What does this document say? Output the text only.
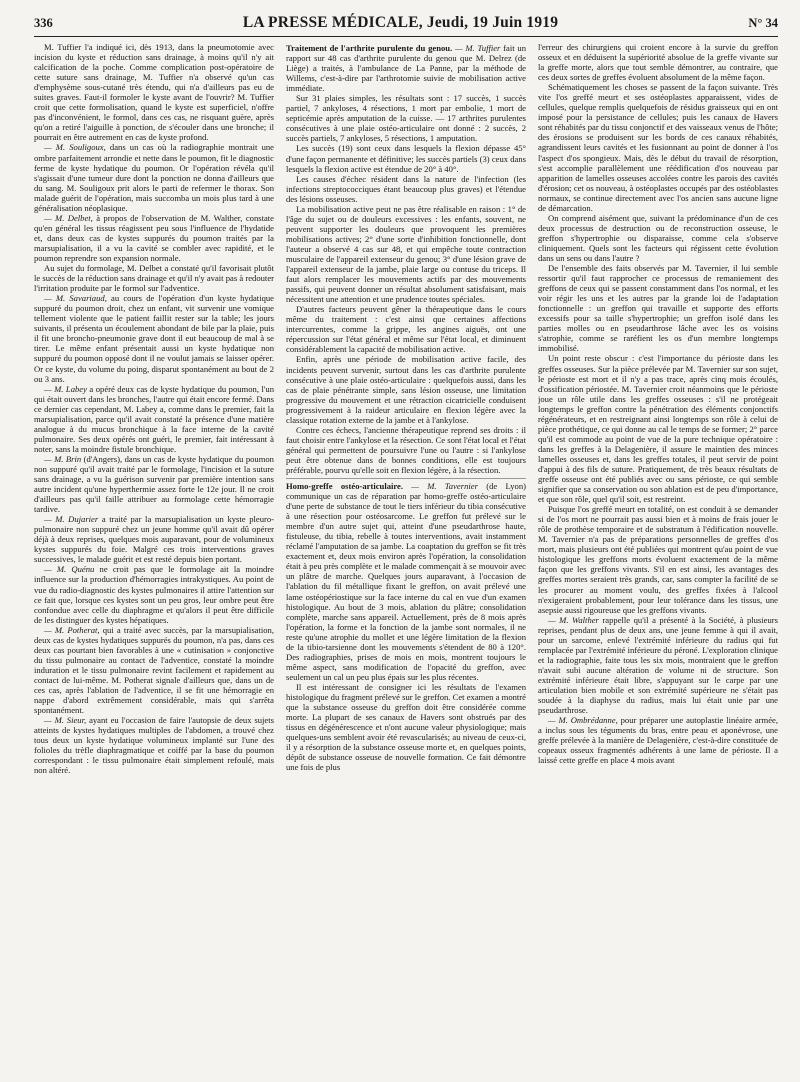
336	LA PRESSE MÉDICALE, Jeudi, 19 Juin 1919	N° 34

M. Tuffier l'a indiqué ici, dès 1913, dans la pneumotomie avec incision du kyste et réduction sans drainage, à moins qu'il n'y ait calcification de la poche. Comme complication post-opératoire de cette suture sans drainage, M. Tuffier n'a observé qu'un cas d'emphysème sous-cutané très étendu, qui n'a d'ailleurs pas eu de suites graves. Faut-il formoler le kyste avant de l'ouvrir? M. Tuffier croit que cette formolisation, quand le kyste est superficiel, n'offre pas d'inconvénient, le formol, dans ces cas, ne risquant guère, après qu'on a retiré l'aiguille à ponction, de s'écouler dans une bronche; il pourrait en être autrement en cas de kyste profond.

— M. Souligoux, dans un cas où la radiographie montrait une ombre parfaitement arrondie et nette dans le poumon, fit le diagnostic ferme de kyste hydatique du poumon. Or l'opération révéla qu'il s'agissait d'une tumeur dure dont la ponction ne donna d'ailleurs que du sang. M. Souligoux prit alors le parti de refermer le thorax. Son malade guérit de l'opération, mais succomba un mois plus tard à une généralisation néoplasique.

— M. Delbet, à propos de l'observation de M. Walther, constate qu'en général les tissus réagissent peu sous l'influence de l'hydatide et, dans deux cas de kystes suppurés du poumon traités par la marsupialisation, il a vu la cavité se combler avec rapidité, et le poumon reprendre son expansion normale.

Au sujet du formolage, M. Delbet a constaté qu'il favorisait plutôt le succès de la réduction sans drainage et qu'il n'y avait pas à redouter l'irritation produite par le formol sur l'adventice.

— M. Savariaud, au cours de l'opération d'un kyste hydatique suppuré du poumon droit, chez un enfant, vit survenir une vomique tellement violente que le patient faillit rester sur la table; les jours suivants, il présenta un écoulement abondant de bile par la plaie, puis il fit une broncho-pneumonie grave dont il eut beaucoup de mal à se tirer. Le même enfant présentait aussi un kyste hydatique non suppuré du poumon opposé dont il ne voulut jamais se laisser opérer. Or ce kyste, du volume du poing, disparut spontanément au bout de 2 ou 3 ans.

— M. Labey a opéré deux cas de kyste hydatique du poumon, l'un qui était ouvert dans les bronches, l'autre qui était encore fermé. Dans ce dernier cas cependant, M. Labey a, comme dans le premier, fait la marsupialisation, parce qu'il avait constaté la présence d'une matière analogue à du mucus bronchique à la face interne de la cavité pulmonaire. Ses deux opérés ont guéri, le premier, fait intéressant à noter, sans la moindre fistule bronchique.

— M. Brin (d'Angers), dans un cas de kyste hydatique du poumon non suppuré qu'il avait traité par le formolage, l'incision et la suture sans drainage, a vu la guérison survenir par première intention sans autre incident qu'une hyperthermie assez forte le 12e jour. Il ne croit d'ailleurs pas qu'il faille attribuer au formolage cette hémorragie tardive.

— M. Dujarier a traité par la marsupialisation un kyste pleuro-pulmonaire non suppuré chez un jeune homme qu'il avait dû opérer déjà à deux reprises, quelques mois auparavant, pour de volumineux kystes suppurés du foie. Malgré ces trois interventions graves successives, le malade guérit et est resté depuis bien portant.

— M. Quénu ne croit pas que le formolage ait la moindre influence sur la production d'hémorragies intrakystiques. Au point de vue du radio-diagnostic des kystes pulmonaires il attire l'attention sur ce fait que, lorsque ces kystes sont un peu gros, leur ombre peut être confondue avec celle du diaphragme et qu'alors il peut être difficile de les distinguer des kystes hépatiques.

— M. Potherat, qui a traité avec succès, par la marsupialisation, deux cas de kystes hydatiques suppurés du poumon, n'a pas, dans ces deux cas pourtant bien favorables à une « cutinisation » conjonctive du tissu pulmonaire au contact de l'adventice, constaté la moindre induration et le tissu pulmonaire revint facilement et rapidement au contact de lui-même. M. Potherat signale d'ailleurs que, dans un de ces cas, après l'ablation de l'adventice, il se fit une hémorragie en nappe d'abord extrêmement considérable, mais qui s'arrêta spontanément.

— M. Sieur, ayant eu l'occasion de faire l'autopsie de deux sujets atteints de kystes hydatiques multiples de l'abdomen, a trouvé chez tous deux un kyste hydatique volumineux implanté sur l'une des folioles du trèfle diaphragmatique et coiffé par la base du poumon correspondant : le tissu pulmonaire était simplement refoulé, mais non altéré.

Traitement de l'arthrite purulente du genou. — M. Tuffier fait un rapport sur 48 cas d'arthrite purulente du genou que M. Delrez (de Liège) a traités, à l'ambulance de La Panne, par la méthode de Willems, c'est-à-dire par l'arthrotomie suivie de mobilisation active immédiate.

Sur 31 plaies simples, les résultats sont : 17 succès, 1 succès partiel, 7 ankyloses, 4 résections, 1 mort par embolie, 1 mort de septicémie après amputation de la cuisse. — 17 arthrites purulentes consécutives à une plaie ostéo-articulaire ont donné : 2 succès, 2 succès partiels, 7 ankyloses, 5 résections, 1 amputation.

Les succès (19) sont ceux dans lesquels la flexion dépasse 45° d'une façon permanente et définitive; les succès partiels (3) ceux dans lesquels la flexion active est étendue de 20° à 40°.

Les causes d'échec résident dans la nature de l'infection (les infections streptococciques étant beaucoup plus graves) et l'étendue des lésions osseuses.

La mobilisation active peut ne pas être réalisable en raison : 1° de l'âge du sujet ou de douleurs excessives : les enfants, souvent, ne peuvent supporter les douleurs que provoquent les premières mobilisations actives; 2° d'une sorte d'inhibition fonctionnelle, dont l'auteur a observé 4 cas sur 48, et qui empêche toute contraction musculaire de l'appareil extenseur du genou; 3° d'une lésion grave de l'appareil extenseur de la jambe, plaie large ou contuse du triceps. Il faut alors remplacer les mouvements actifs par des mouvements passifs, qui peuvent donner un résultat absolument satisfaisant, mais nécessitent une attention et une prudence toutes spéciales.

D'autres facteurs peuvent gêner la thérapeutique dans le cours même du traitement : c'est ainsi que certaines affections intercurrentes, comme la grippe, les angines aiguës, ont une répercussion sur l'état général et même sur l'état local, et diminuent considérablement la capacité de mobilisation active.

Enfin, après une période de mobilisation active facile, des incidents peuvent survenir, surtout dans les cas d'arthrite purulente consécutive à une plaie ostéo-articulaire : quelquefois aussi, dans les cas de plaie pénétrante simple, sans lésion osseuse, une limitation progressive du mouvement et une rétraction cicatricielle conduisent progressivement à la raideur articulaire en flexion légère avec la classique rotation externe de la jambe et à l'ankylose.

Contre ces échecs, l'ancienne thérapeutique reprend ses droits : il faut choisir entre l'ankylose et la résection. Ce sont l'état local et l'état général qui permettent de poursuivre l'une ou l'autre : si l'ankylose peut être obtenue dans de bonnes conditions, elle est toujours préférable, pourvu qu'elle soit en flexion légère, à la résection.

Homo-greffe ostéo-articulaire. — M. Tavernier (de Lyon) communique un cas de réparation par homo-greffe ostéo-articulaire d'une perte de substance de tout le tiers inférieur du tibia consécutive à une résection pour ostéosarcome. Le greffon fut prélevé sur le membre d'un autre sujet qui, atteint d'une pseudarthrose haute, fistuleuse, du tibia, rebelle à toutes interventions, avait instamment réclamé l'amputation de sa jambe. La coaptation du greffon se fit très exactement et, deux mois environ après l'opération, la consolidation était à peu près complète et le malade commençait à se mouvoir avec un plâtre de marche. Quelques jours auparavant, à l'occasion de l'ablation du fil métallique fixant le greffon, on avait prélevé une lame ostéopériostique sur la face interne du cal en vue d'un examen histologique. Au bout de 3 mois, ablation du plâtre; consolidation complète, marche sans appareil. Actuellement, près de 8 mois après l'opération, la forme et la fonction de la jambe sont normales, il ne reste qu'une atrophie du mollet et une légère limitation de la flexion de la tibio-tarsienne dont les mouvements s'étendent de 80 à 120°. Des radiographies, prises de mois en mois, montrent toujours le même aspect, sans modification de l'opacité du greffon, avec seulement un cal un peu plus épais sur les plus récentes.

Il est intéressant de consigner ici les résultats de l'examen histologique du fragment prélevé sur le greffon. Cet examen a montré que la substance osseuse du greffon doit être considérée comme morte. La plupart de ses canaux de Havers sont obstrués par des tissus en dégénérescence et n'ont aucune valeur physiologique; mais quelques-uns semblent avoir été revascularisés; au niveau de ceux-ci, il y a résorption de la substance osseuse morte et, en quelques points, dépôt de substance osseuse de nouvelle formation. Ce fait démontre une fois de plus

l'erreur des chirurgiens qui croient encore à la survie du greffon osseux et en déduisent la supériorité absolue de la greffe vivante sur la greffe morte, alors que tout semble démontrer, au contraire, que ces deux sortes de greffes évoluent absolument de la même façon.

Schématiquement les choses se passent de la façon suivante. Très vite l'os greffé meurt et ses ostéoplastes apparaissent, vides de cellules, quelque remplis quelquefois de résidus graisseux qui en ont imposé pour la persistance de cellules; puis les canaux de Havers sont réhabités par du tissu conjonctif et des vaisseaux venus de l'hôte; des érosions se produisent sur les bords de ces canaux réhabités, agrandissent leurs cavités et les fusionnant au point de donner à l'os l'aspect d'os spongieux. Mais, dès le début du travail de résorption, s'est accomplie parallèlement une réédification d'os nouveau par apparition de lamelles osseuses accolées contre les parois des cavités d'érosion; cet os nouveau, à ostéoplastes occupés par des ostéoblastes normaux, se continue directement avec l'os ancien sans aucune ligne de démarcation.

On comprend aisément que, suivant la prédominance d'un de ces deux processus de destruction ou de reconstruction osseuse, le greffon s'hypertrophie ou disparaisse, comme cela s'observe cliniquement. Quels sont les facteurs qui régissent cette évolution dans un sens ou dans l'autre ?

De l'ensemble des faits observés par M. Tavernier, il lui semble ressortir qu'il faut rapprocher ce processus de remaniement des greffons de ceux qui se passent constamment dans l'os normal, et les voir régir les uns et les autres par la grande loi de l'adaptation fonctionnelle : un greffon qui travaille et supporte des efforts excessifs pour sa taille s'hypertrophie; un greffon isolé dans les parties molles ou en pseudarthrose lâche avec les os voisins s'atrophie, comme se raréfient les os d'un membre longtemps immobilisé.

Un point reste obscur : c'est l'importance du périoste dans les greffes osseuses. Sur la pièce prélevée par M. Tavernier sur son sujet, le périoste est mort et il n'y a pas trace, après cinq mois écoulés, d'ossification périostée. M. Tavernier croit néanmoins que le périoste joue un rôle utile dans les greffes osseuses : s'il ne protégeait longtemps le greffon contre la pénétration des éléments conjonctifs régénérateurs, et en restreignant ainsi longtemps son rôle à celui de pièce prothétique, ce qui donne au cal le temps de se former; 2° parce qu'il est commode au point de vue de la pure technique opératoire : dans les greffes à la Delagenière, il assure le maintien des minces lamelles osseuses et, dans les greffes totales, il peut servir de point d'appui à des fils de suture. Pratiquement, de très beaux résultats de greffe osseuse ont été publiés avec ou sans périoste, ce qui semble signifier que sa conservation ou son ablation est de peu d'importance, et que son rôle, quel qu'il soit, est restreint.

Puisque l'os greffé meurt en totalité, on est conduit à se demander si de l'os mort ne pourrait pas aussi bien et à moins de frais jouer le rôle de prothèse temporaire et de substratum à l'édification nouvelle. M. Tavernier n'a pas de préparations personnelles de greffes d'os mort, mais plusieurs ont été publiées qui montrent qu'au point de vue histologique les greffons morts évoluent exactement de la même façon que les greffons vivants. S'il en est ainsi, les avantages des greffes mortes seraient très grands, car, sans compter la facilité de se les procurer au moment voulu, des greffes fixées à l'alcool n'exigeraient probablement, pour leur tolérance dans les tissus, une asepsie aussi rigoureuse que les greffons vivants.

— M. Walther rappelle qu'il a présenté à la Société, à plusieurs reprises, pendant plus de deux ans, une jeune femme à qui il avait, pour un sarcome, enlevé l'extrémité inférieure du radius qui fut remplacée par l'extrémité inférieure du péroné. L'exploration clinique et la radiographie, faite tous les six mois, montraient que le greffon n'avait subi aucune altération de volume ni de structure. Son extrémité inférieure était libre, s'appuyant sur le carpe par une articulation bien mobile et son extrémité supérieure ne s'était pas soudée à la diaphyse du radius, mais lui était unie par une pseudarthrose.

— M. Ombrédanne, pour préparer une autoplastie linéaire armée, a inclus sous les téguments du bras, entre peau et aponévrose, une greffe prélevée à la manière de Delagenière, c'est-à-dire constituée de copeaux osseux fragmentés adhérents à une lame de périoste. Il a laissé cette greffe en place 4 mois avant
